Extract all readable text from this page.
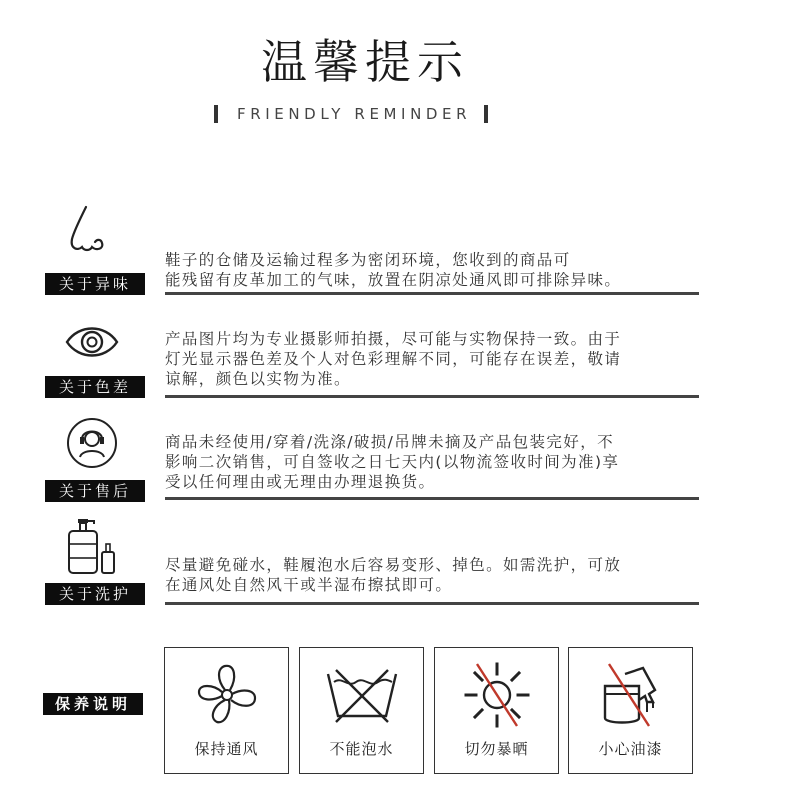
温馨提示
FRIENDLY REMINDER
关于异味
鞋子的仓储及运输过程多为密闭环境，您收到的商品可
能残留有皮革加工的气味，放置在阴凉处通风即可排除异味。
关于色差
产品图片均为专业摄影师拍摄，尽可能与实物保持一致。由于
灯光显示器色差及个人对色彩理解不同，可能存在误差，敬请
谅解，颜色以实物为准。
关于售后
商品未经使用/穿着/洗涤/破损/吊牌未摘及产品包装完好，不
影响二次销售，可自签收之日七天内(以物流签收时间为准)享
受以任何理由或无理由办理退换货。
关于洗护
尽量避免碰水，鞋履泡水后容易变形、掉色。如需洗护，可放
在通风处自然风干或半湿布擦拭即可。
保养说明
保持通风	不能泡水	切勿暴晒	小心油漆
